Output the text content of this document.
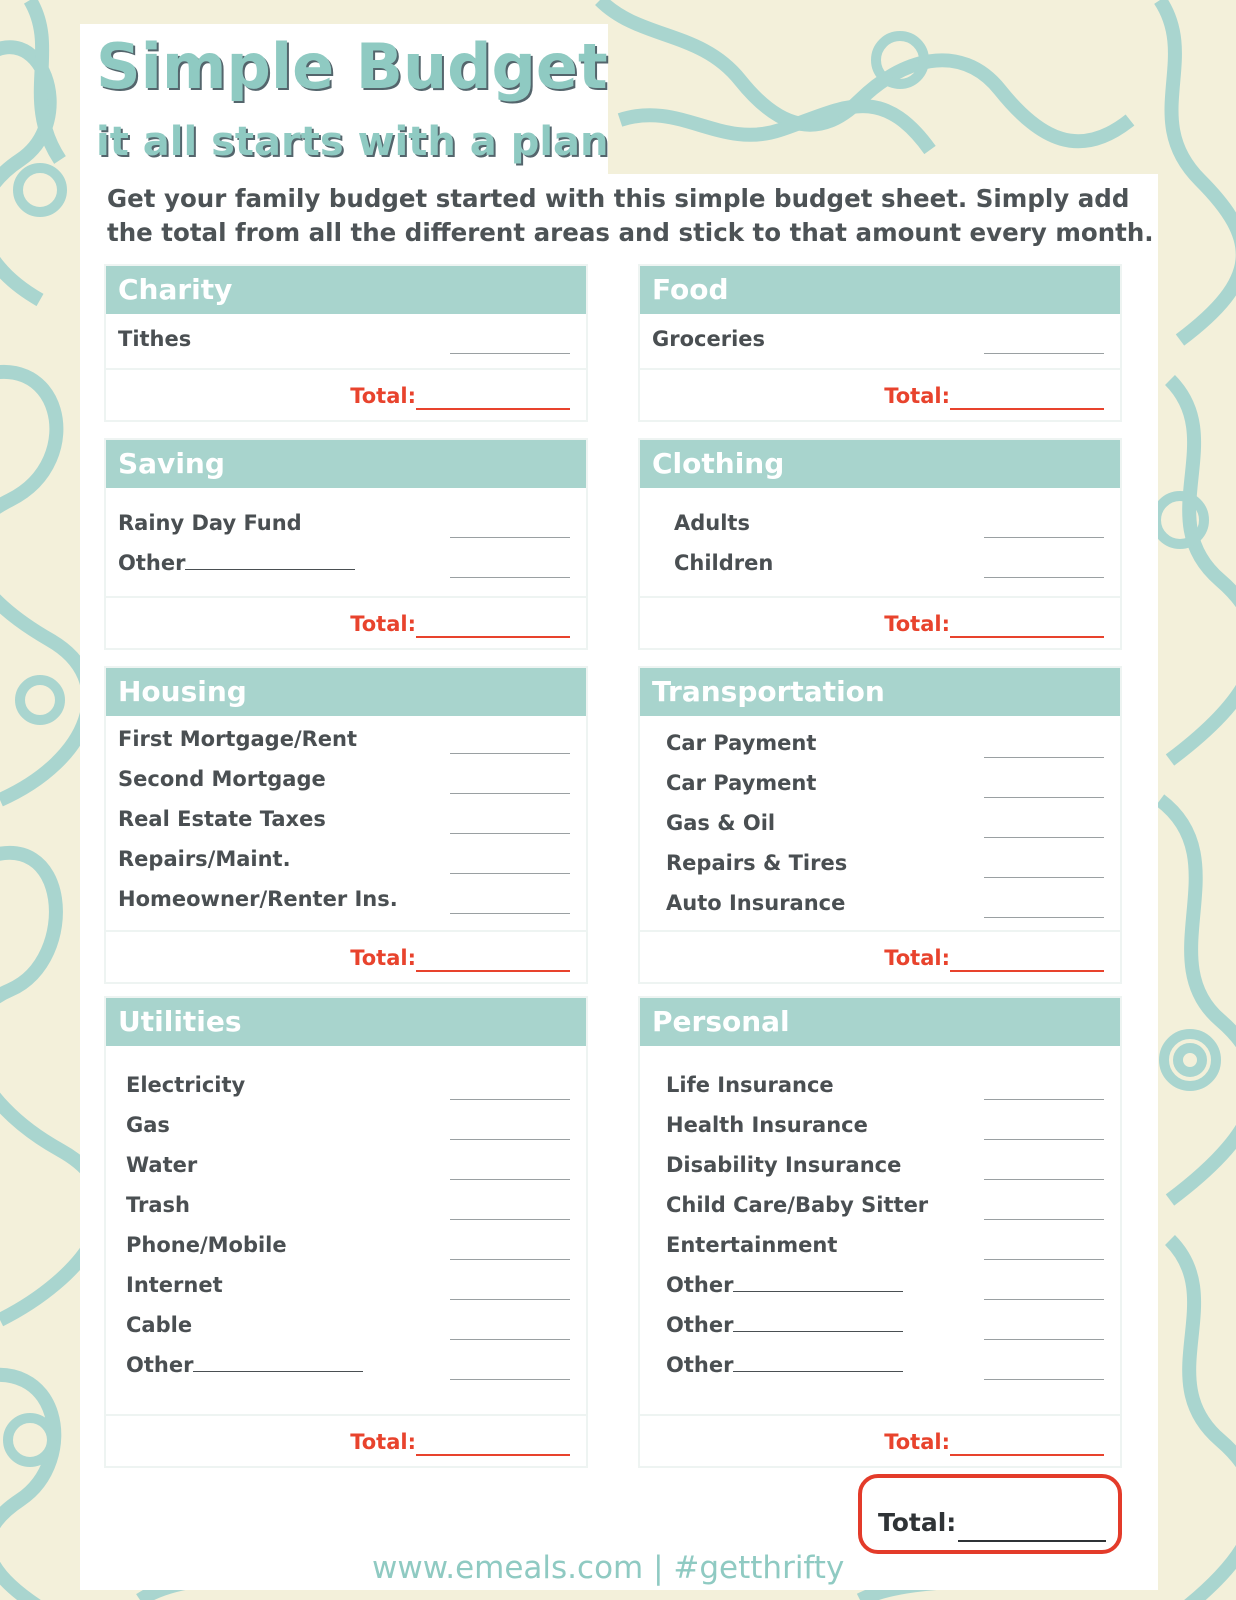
Simple Budget
it all starts with a plan

Get your family budget started with this simple budget sheet. Simply add the total from all the different areas and stick to that amount every month.

Charity
Tithes
Total:
Food
Groceries
Total:
Saving
Rainy Day Fund
Other
Total:
Clothing
Adults
Children
Total:
Housing
First Mortgage/Rent
Second Mortgage
Real Estate Taxes
Repairs/Maint.
Homeowner/Renter Ins.
Total:
Transportation
Car Payment
Car Payment
Gas & Oil
Repairs & Tires
Auto Insurance
Total:
Utilities
Electricity
Gas
Water
Trash
Phone/Mobile
Internet
Cable
Other
Total:
Personal
Life Insurance
Health Insurance
Disability Insurance
Child Care/Baby Sitter
Entertainment
Other
Other
Other
Total:
Total:
www.emeals.com | #getthrifty
